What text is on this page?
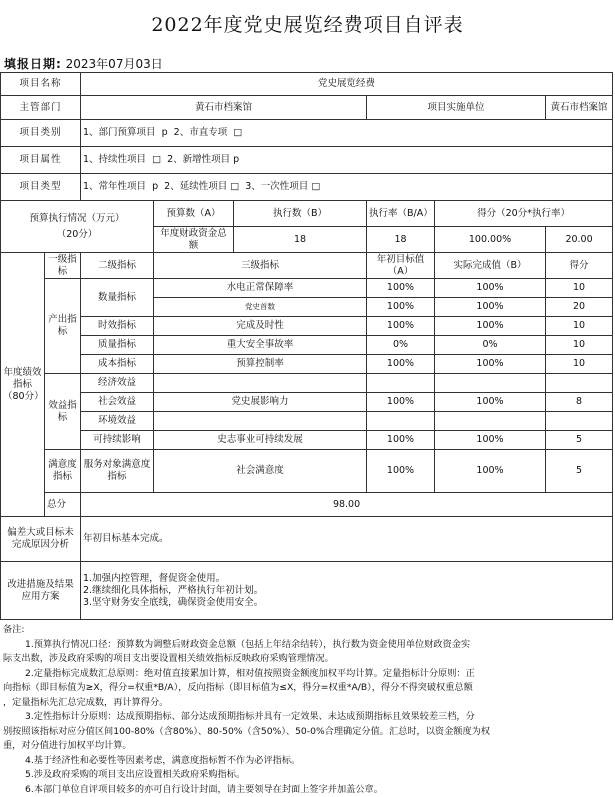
2022年度党史展览经费项目自评表
填报日期: 2023年07月03日
项目名称		党史展览经费					
主管部门		黄石市档案馆			项目实施单位		黄石市档案馆
项目类别		1、部门预算项目  p  2、市直专项  □					
项目属性		1、持续性项目  □  2、新增性项目 p					
项目类型		1、常年性项目  p  2、延续性项目 □  3、一次性项目 □					

预算执行情况（万元）
（20分）			预算数（A）	执行数（B）	执行率（B/A）	得分（20分*执行率）	
			年度财政资金总额	18	18	100.00%	20.00
年度绩效指标（80分）	一级指标	二级指标	三级指标		年初目标值（A）	实际完成值（B）	得分
	产出指标	数量指标	水电正常保障率		100%	100%	10
			党史首数		100%	100%	20
		时效指标	完成及时性		100%	100%	10
		质量指标	重大安全事故率		0%	0%	10
		成本指标	预算控制率		100%	100%	10
	效益指标	经济效益					
		社会效益	党史展影响力		100%	100%	8
		环境效益					
		可持续影响	史志事业可持续发展		100%	100%	5
	满意度指标	服务对象满意度指标	社会满意度		100%	100%	5
	总分	98.00					
偏差大或目标未完成原因分析		年初目标基本完成。					
改进措施及结果应用方案		1.加强内控管理，督促资金使用。
2.继续细化具体指标，严格执行年初计划。
3.坚守财务安全底线，确保资金使用安全。					
备注:
1.预算执行情况口径：预算数为调整后财政资金总额（包括上年结余结转），执行数为资金使用单位财政资金实
际支出数，涉及政府采购的项目支出要设置相关绩效指标反映政府采购管理情况。
2.定量指标完成数汇总原则：绝对值直接累加计算，相对值按照资金额度加权平均计算。定量指标计分原则：正
向指标（即目标值为≥X，得分=权重*B/A），反向指标（即目标值为≤X，得分=权重*A/B），得分不得突破权重总额
，定量指标先汇总完成数，再计算得分。
3.定性指标计分原则：达成预期指标、部分达成预期指标并具有一定效果、未达成预期指标且效果较差三档，分
别按照该指标对应分值区间100-80%（含80%）、80-50%（含50%）、50-0%合理确定分值。汇总时，以资金额度为权
重，对分值进行加权平均计算。
4.基于经济性和必要性等因素考虑，满意度指标暂不作为必评指标。
5.涉及政府采购的项目支出应设置相关政府采购指标。
6.本部门单位自评项目较多的亦可自行设计封面，请主要领导在封面上签字并加盖公章。
